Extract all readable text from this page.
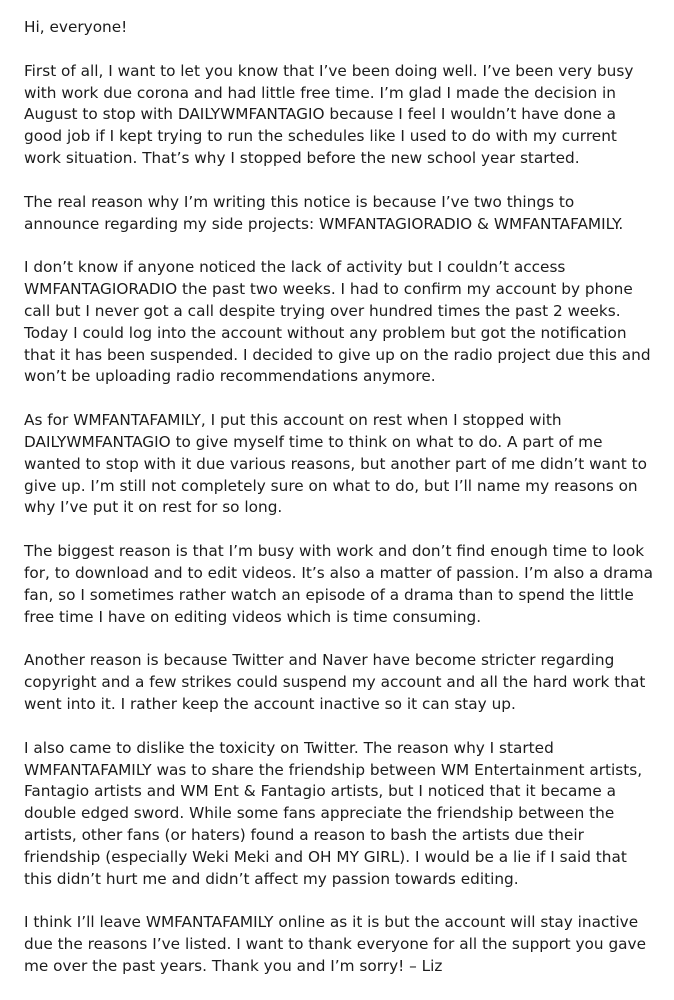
Hi, everyone!

First of all, I want to let you know that I’ve been doing well. I’ve been very busy with work due corona and had little free time. I’m glad I made the decision in August to stop with DAILYWMFANTAGIO because I feel I wouldn’t have done a good job if I kept trying to run the schedules like I used to do with my current work situation. That’s why I stopped before the new school year started.

The real reason why I’m writing this notice is because I’ve two things to announce regarding my side projects: WMFANTAGIORADIO & WMFANTAFAMILY.

I don’t know if anyone noticed the lack of activity but I couldn’t access WMFANTAGIORADIO the past two weeks. I had to confirm my account by phone call but I never got a call despite trying over hundred times the past 2 weeks. Today I could log into the account without any problem but got the notification that it has been suspended. I decided to give up on the radio project due this and won’t be uploading radio recommendations anymore.

As for WMFANTAFAMILY, I put this account on rest when I stopped with DAILYWMFANTAGIO to give myself time to think on what to do. A part of me wanted to stop with it due various reasons, but another part of me didn’t want to give up. I’m still not completely sure on what to do, but I’ll name my reasons on why I’ve put it on rest for so long.

The biggest reason is that I’m busy with work and don’t find enough time to look for, to download and to edit videos. It’s also a matter of passion. I’m also a drama fan, so I sometimes rather watch an episode of a drama than to spend the little free time I have on editing videos which is time consuming.

Another reason is because Twitter and Naver have become stricter regarding copyright and a few strikes could suspend my account and all the hard work that went into it. I rather keep the account inactive so it can stay up.

I also came to dislike the toxicity on Twitter. The reason why I started WMFANTAFAMILY was to share the friendship between WM Entertainment artists, Fantagio artists and WM Ent & Fantagio artists, but I noticed that it became a double edged sword. While some fans appreciate the friendship between the artists, other fans (or haters) found a reason to bash the artists due their friendship (especially Weki Meki and OH MY GIRL). I would be a lie if I said that this didn’t hurt me and didn’t affect my passion towards editing.

I think I’ll leave WMFANTAFAMILY online as it is but the account will stay inactive due the reasons I’ve listed. I want to thank everyone for all the support you gave me over the past years. Thank you and I’m sorry! – Liz
